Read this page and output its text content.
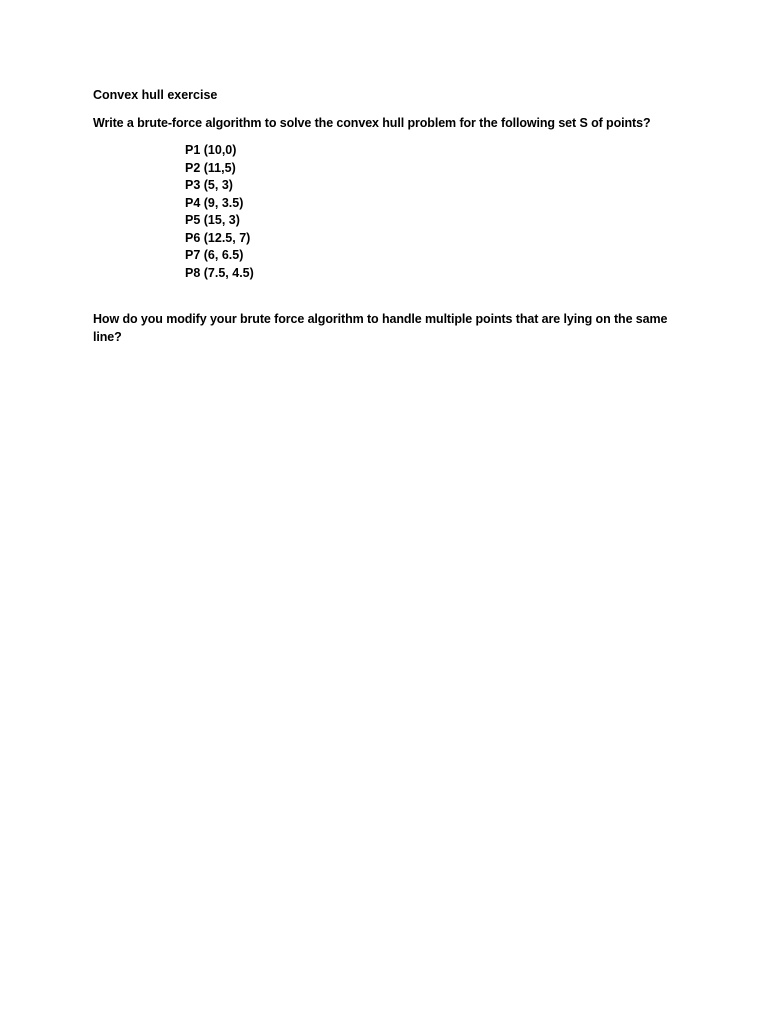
Convex hull exercise
Write a brute-force algorithm to solve the convex hull problem for the following set S of points?
P1 (10,0)
P2 (11,5)
P3 (5, 3)
P4 (9, 3.5)
P5 (15, 3)
P6 (12.5, 7)
P7 (6, 6.5)
P8 (7.5, 4.5)
How do you modify your brute force algorithm to handle multiple points that are lying on the same line?
